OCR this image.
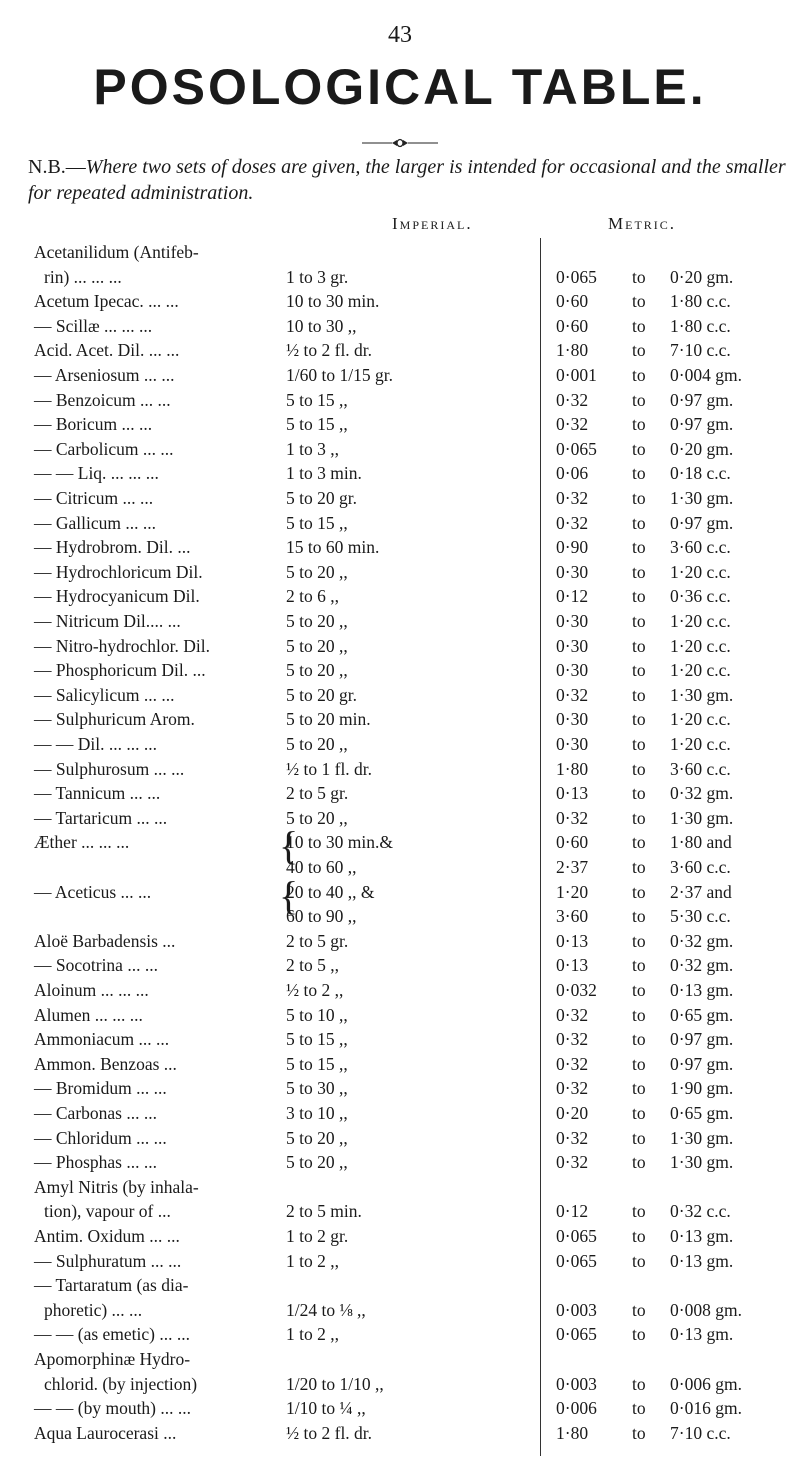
43
POSOLOGICAL TABLE.
N.B.—Where two sets of doses are given, the larger is intended for occasional and the smaller for repeated administration.
Imperial.	Metric.
Acetanilidum (Antifeb-
rin) ... ... ...	1 to 3 gr.	0·065 to 0·20 gm.
Acetum Ipecac. ... ...	10 to 30 min.	0·60	to 1·80 c.c.
— Scillæ ... ... ...	10 to 30 ,,	0·60	to 1·80 c.c.
Acid. Acet. Dil. ... ...	½ to 2 fl. dr.	1·80	to 7·10 c.c.
— Arseniosum ... ...	1/60 to 1/15 gr.	0·001 to 0·004 gm.
— Benzoicum ... ...	5 to 15 ,,	0·32	to 0·97 gm.
— Boricum ... ...	5 to 15 ,,	0·32	to 0·97 gm.
— Carbolicum ... ...	1 to 3 ,,	0·065 to 0·20 gm.
— — Liq. ... ... ...	1 to 3 min.	0·06	to 0·18 c.c.
— Citricum ... ...	5 to 20 gr.	0·32	to 1·30 gm.
— Gallicum ... ...	5 to 15 ,,	0·32	to 0·97 gm.
— Hydrobrom. Dil. ...	15 to 60 min.	0·90	to 3·60 c.c.
— Hydrochloricum Dil.	5 to 20 ,,	0·30	to 1·20 c.c.
— Hydrocyanicum Dil.	2 to 6 ,,	0·12	to 0·36 c.c.
— Nitricum Dil.... ...	5 to 20 ,,	0·30	to 1·20 c.c.
— Nitro-hydrochlor. Dil.	5 to 20 ,,	0·30	to 1·20 c.c.
— Phosphoricum Dil. ...	5 to 20 ,,	0·30	to 1·20 c.c.
— Salicylicum ... ...	5 to 20 gr.	0·32	to 1·30 gm.
— Sulphuricum Arom.	5 to 20 min.	0·30	to 1·20 c.c.
— — Dil. ... ... ...	5 to 20 ,,	0·30	to 1·20 c.c.
— Sulphurosum ... ...	½ to 1 fl. dr.	1·80	to 3·60 c.c.
— Tannicum ... ...	2 to 5 gr.	0·13	to 0·32 gm.
— Tartaricum ... ...	5 to 20 ,,	0·32	to 1·30 gm.
Æther ... ... ...	10 to 30 min.&	0·60	to 1·80 and
{
40 to 60 ,,	2·37	to 3·60 c.c.
— Aceticus ... ...	20 to 40 ,, &	1·20	to 2·37 and
{
60 to 90 ,,	3·60	to 5·30 c.c.
Aloë Barbadensis ...	2 to 5 gr.	0·13	to 0·32 gm.
— Socotrina ... ...	2 to 5 ,,	0·13	to 0·32 gm.
Aloinum ... ... ...	½ to 2 ,,	0·032 to 0·13 gm.
Alumen ... ... ...	5 to 10 ,,	0·32	to 0·65 gm.
Ammoniacum ... ...	5 to 15 ,,	0·32	to 0·97 gm.
Ammon. Benzoas ...	5 to 15 ,,	0·32	to 0·97 gm.
— Bromidum ... ...	5 to 30 ,,	0·32	to 1·90 gm.
— Carbonas ... ...	3 to 10 ,,	0·20	to 0·65 gm.
— Chloridum ... ...	5 to 20 ,,	0·32	to 1·30 gm.
— Phosphas ... ...	5 to 20 ,,	0·32	to 1·30 gm.
Amyl Nitris (by inhala-
tion), vapour of ...	2 to 5 min.	0·12	to 0·32 c.c.
Antim. Oxidum ... ...	1 to 2 gr.	0·065 to 0·13 gm.
— Sulphuratum ... ...	1 to 2 ,,	0·065 to 0·13 gm.
— Tartaratum (as dia-
phoretic) ... ...	1/24 to ⅛ ,,	0·003 to 0·008 gm.
— — (as emetic) ... ...	1 to 2 ,,	0·065 to 0·13 gm.
Apomorphinæ Hydro-
chlorid. (by injection)	1/20 to 1/10 ,,	0·003 to 0·006 gm.
— — (by mouth) ... ...	1/10 to ¼ ,,	0·006 to 0·016 gm.
Aqua Laurocerasi ...	½ to 2 fl. dr.	1·80	to 7·10 c.c.
